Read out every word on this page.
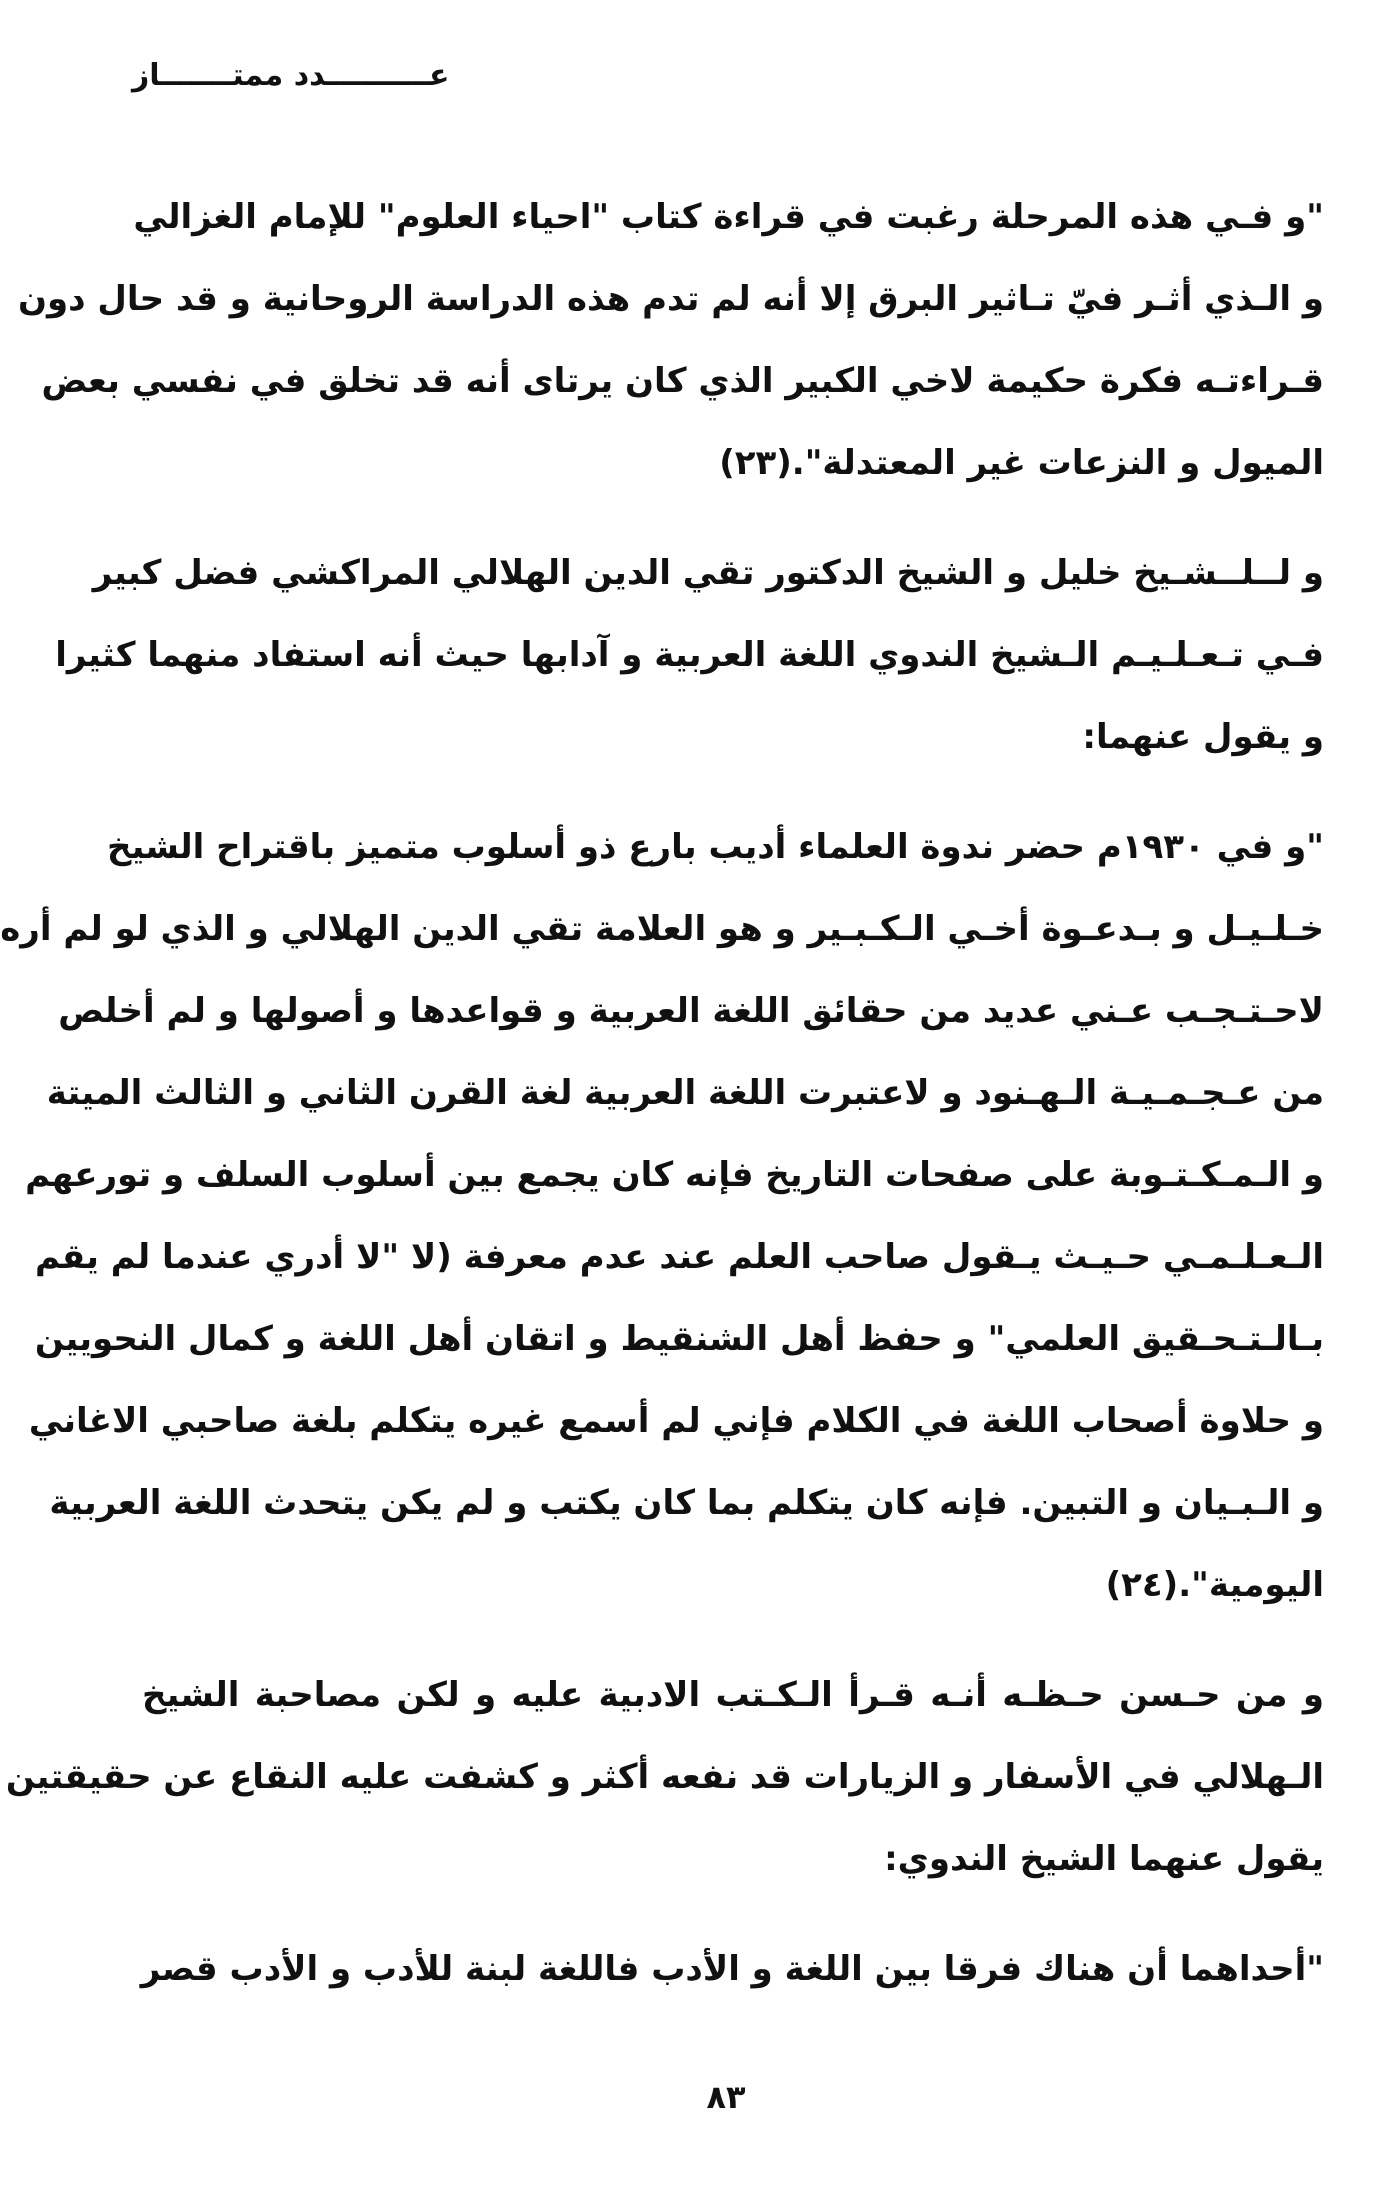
عــــــــــدد ممتـــــــاز

"و فـي هذه المرحلة رغبت في قراءة كتاب "احياء العلوم" للإمام الغزالي
و الـذي أثـر فيّ تـاثير البرق إلا أنه لم تدم هذه الدراسة الروحانية و قد حال دون
قـراءتـه فكرة حكيمة لاخي الكبير الذي كان يرتاى أنه قد تخلق في نفسي بعض
الميول و النزعات غير المعتدلة".(٢٣)

و لــلــشـيخ خليل و الشيخ الدكتور تقي الدين الهلالي المراكشي فضل كبير
فـي تـعـلـيـم الـشيخ الندوي اللغة العربية و آدابها حيث أنه استفاد منهما كثيرا
و يقول عنهما:

"و في ١٩٣٠م حضر ندوة العلماء أديب بارع ذو أسلوب متميز باقتراح الشيخ
خـلـيـل و بـدعـوة أخـي الـكـبـير و هو العلامة تقي الدين الهلالي و الذي لو لم أره
لاحـتـجـب عـني عديد من حقائق اللغة العربية و قواعدها و أصولها و لم أخلص
من عـجـمـيـة الـهـنود و لاعتبرت اللغة العربية لغة القرن الثاني و الثالث الميتة
و الـمـكـتـوبة على صفحات التاريخ فإنه كان يجمع بين أسلوب السلف و تورعهم
الـعـلـمـي حـيـث يـقول صاحب العلم عند عدم معرفة (لا "لا أدري عندما لم يقم
بـالـتـحـقيق العلمي" و حفظ أهل الشنقيط و اتقان أهل اللغة و كمال النحويين
و حلاوة أصحاب اللغة في الكلام فإني لم أسمع غيره يتكلم بلغة صاحبي الاغاني
و الـبـيان و التبين. فإنه كان يتكلم بما كان يكتب و لم يكن يتحدث اللغة العربية
اليومية".(٢٤)

و من حـسن حـظـه أنـه قـرأ الـكـتب الادبية عليه و لكن مصاحبة الشيخ
الـهلالي في الأسفار و الزيارات قد نفعه أكثر و كشفت عليه النقاع عن حقيقتين
يقول عنهما الشيخ الندوي:

"أحداهما أن هناك فرقا بين اللغة و الأدب فاللغة لبنة للأدب و الأدب قصر

٨٣
